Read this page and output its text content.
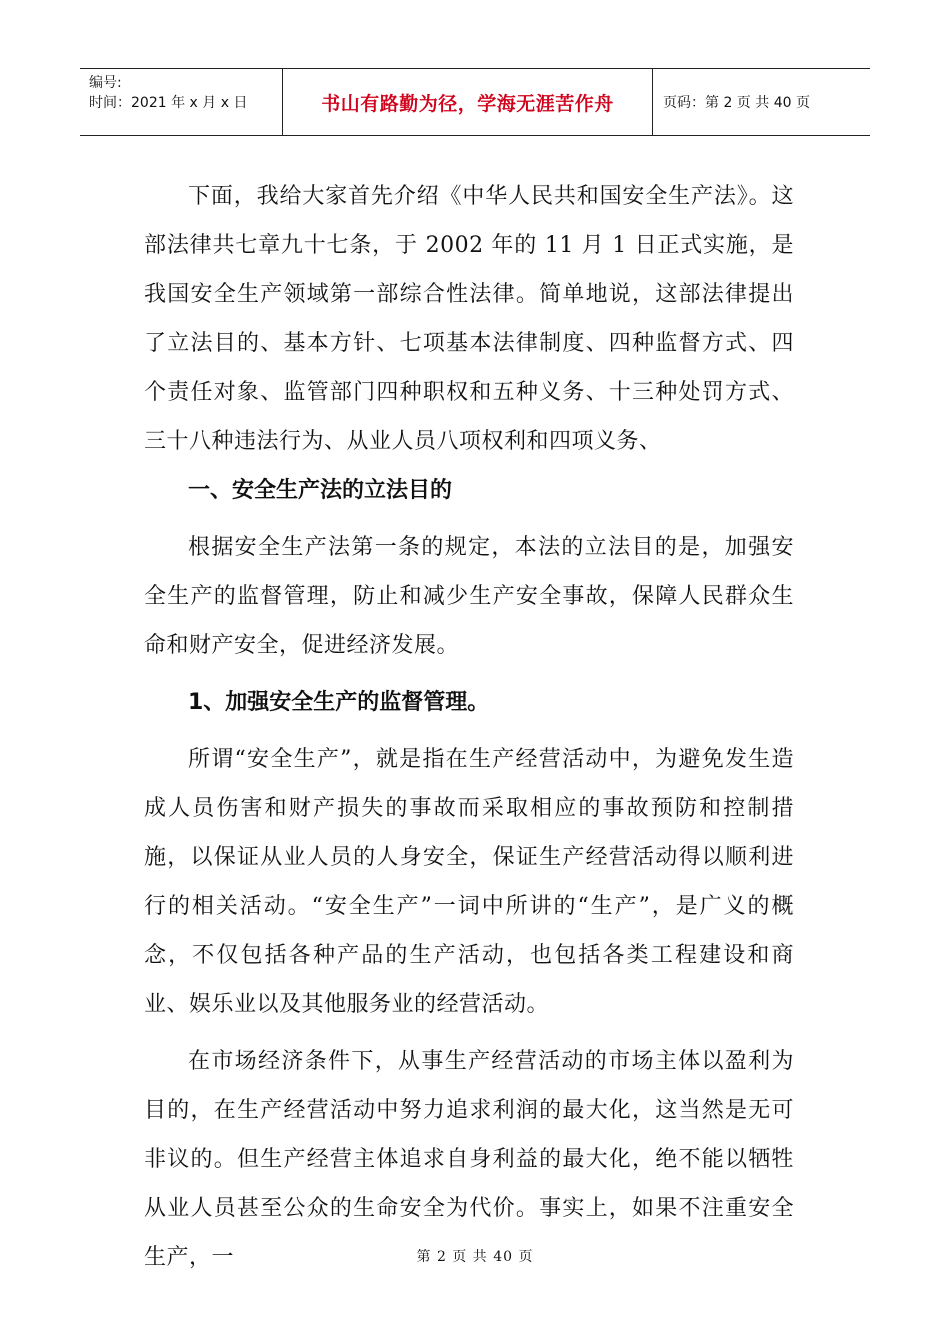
编号:
时间：2021 年 x 月 x 日	书山有路勤为径，学海无涯苦作舟	页码：第 2 页 共 40 页

下面，我给大家首先介绍《中华人民共和国安全生产法》。这部法律共七章九十七条，于 2002 年的 11 月 1 日正式实施，是我国安全生产领域第一部综合性法律。简单地说，这部法律提出了立法目的、基本方针、七项基本法律制度、四种监督方式、四个责任对象、监管部门四种职权和五种义务、十三种处罚方式、三十八种违法行为、从业人员八项权利和四项义务、

一、安全生产法的立法目的

根据安全生产法第一条的规定，本法的立法目的是，加强安全生产的监督管理，防止和减少生产安全事故，保障人民群众生命和财产安全，促进经济发展。

1、加强安全生产的监督管理。

所谓“安全生产”，就是指在生产经营活动中，为避免发生造成人员伤害和财产损失的事故而采取相应的事故预防和控制措施，以保证从业人员的人身安全，保证生产经营活动得以顺利进行的相关活动。“安全生产”一词中所讲的“生产”，是广义的概念，不仅包括各种产品的生产活动，也包括各类工程建设和商业、娱乐业以及其他服务业的经营活动。

在市场经济条件下，从事生产经营活动的市场主体以盈利为目的，在生产经营活动中努力追求利润的最大化，这当然是无可非议的。但生产经营主体追求自身利益的最大化，绝不能以牺牲从业人员甚至公众的生命安全为代价。事实上，如果不注重安全生产，一	第 2 页 共 40 页
